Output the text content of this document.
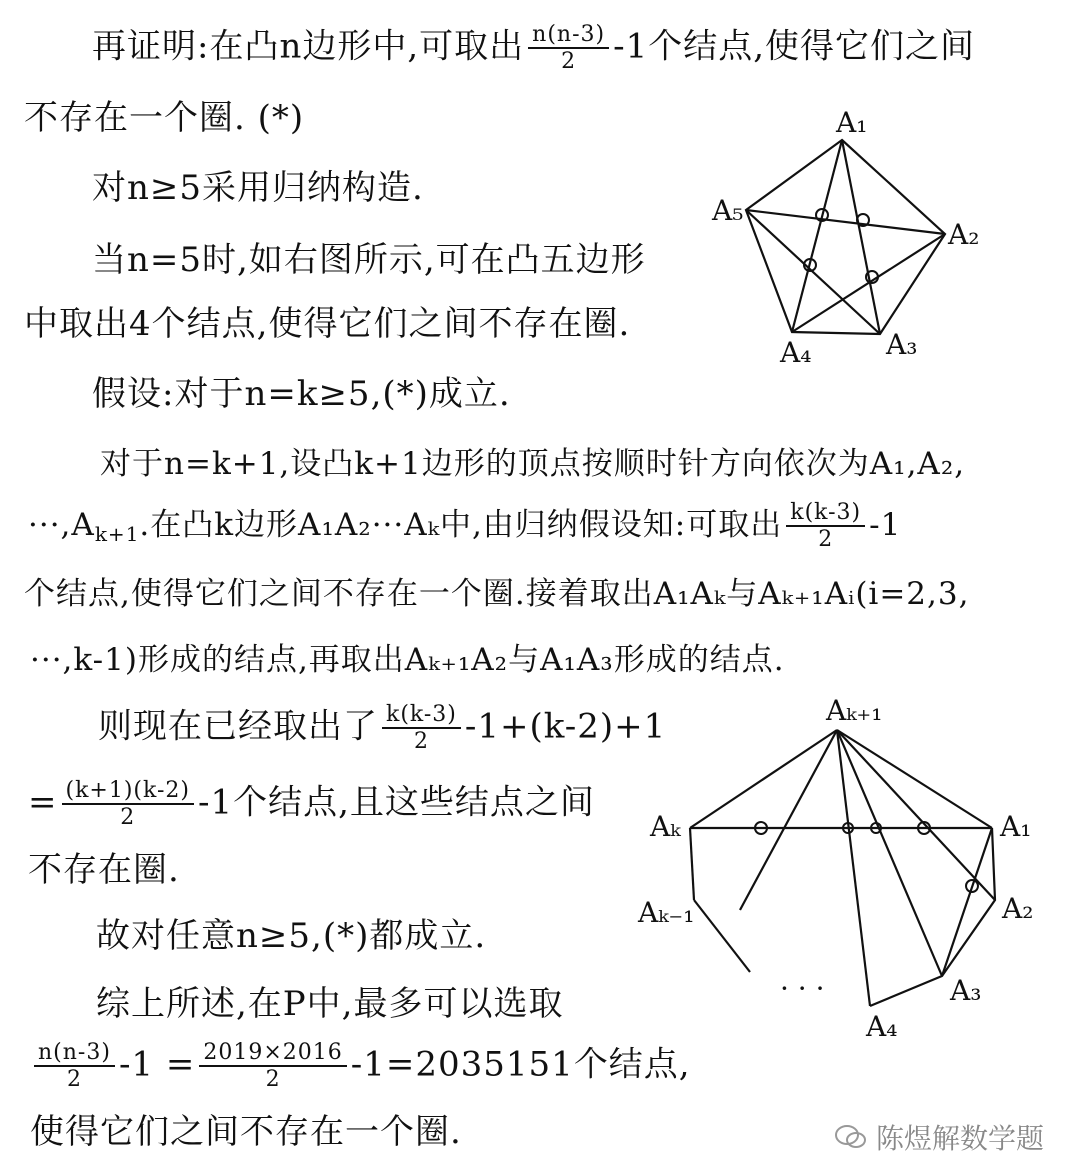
再证明:在凸n边形中,可取出 $\frac{n(n-3)}{2} -1$个结点,使得它们之间
不存在一个圈. (*)
对n≥5采用归纳构造.
当n=5时,如右图所示,可在凸五边形
中取出4个结点,使得它们之间不存在圈.
假设:对于n=k≥5,(*)成立.
对于n=k+1,设凸k+1边形的顶点按顺时针方向依次为A₁,A₂,
$\cdot\cdot\cdot,A_{k+1}$.在凸k边形A₁A₂···Aₖ中,由归纳假设知:可取出 $\frac{k(k-3)}{2} -1$
个结点,使得它们之间不存在一个圈.接着取出A₁Aₖ与Aₖ₊₁Aᵢ(i=2,3,
···,k-1)形成的结点,再取出Aₖ₊₁A₂与A₁A₃形成的结点.
则现在已经取出了 $\frac{k(k-3)}{2} -1+(k-2)+1$
= $\frac{(k+1)(k-2)}{2} -1$个结点,且这些结点之间
不存在圈.
故对任意n≥5,(*)都成立.
综上所述,在P中,最多可以选取
$\frac{n(n-3)}{2} -1 = \frac{2019\times 2016}{2} -1=2035151$个结点,
使得它们之间不存在一个圈.
A₁
A₂
A₃
A₄
A₅
Aₖ₊₁
Aₖ	A₁
Aₖ₋₁	A₂
A₃
A₄
· · ·
陈煜解数学题
